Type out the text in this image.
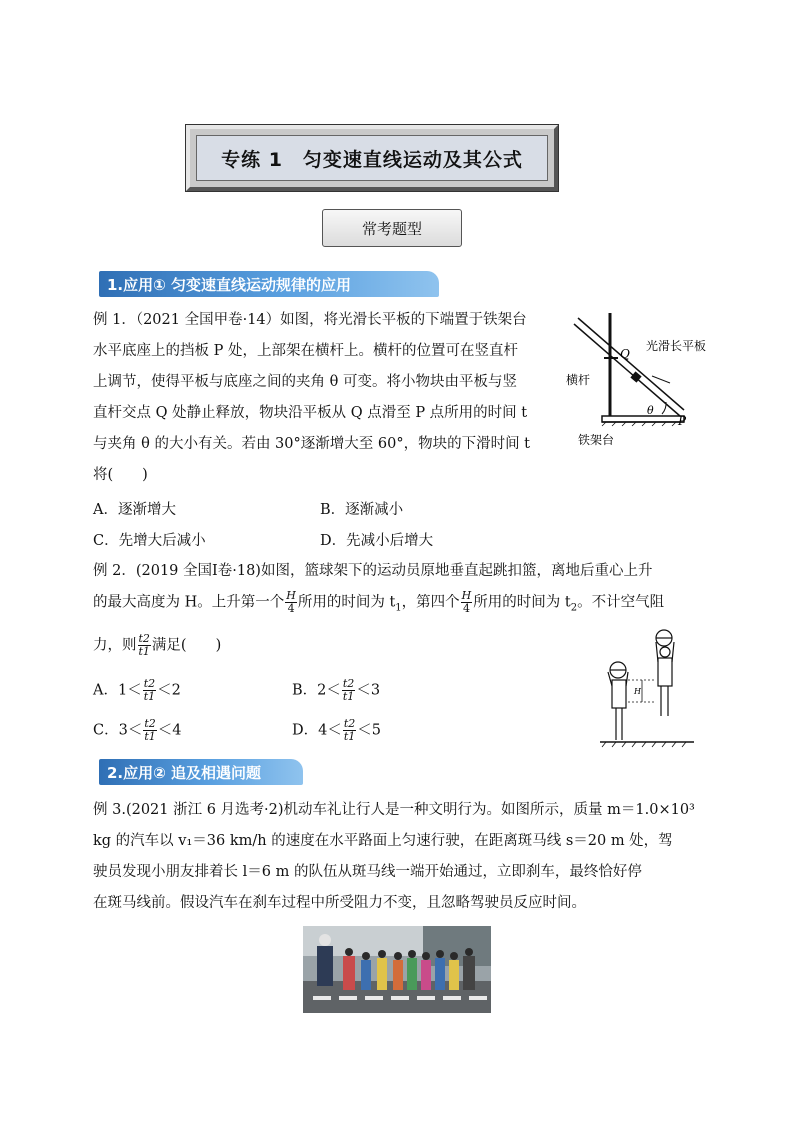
专练 1　匀变速直线运动及其公式
常考题型
1.应用① 匀变速直线运动规律的应用
例 1．（2021 全国甲卷·14）如图，将光滑长平板的下端置于铁架台
水平底座上的挡板 P 处，上部架在横杆上。横杆的位置可在竖直杆
上调节，使得平板与底座之间的夹角 θ 可变。将小物块由平板与竖
直杆交点 Q 处静止释放，物块沿平板从 Q 点滑至 P 点所用的时间 t
与夹角 θ 的大小有关。若由 30°逐渐增大至 60°，物块的下滑时间 t
将(　　)
A．逐渐增大	B．逐渐减小
C．先增大后减小	D．先减小后增大
Q
P
θ
光滑长平板
横杆
铁架台
例 2．(2019 全国Ⅰ卷·18)如图，篮球架下的运动员原地垂直起跳扣篮，离地后重心上升
的最大高度为 H。上升第一个 $\frac{H}{4}$ 所用的时间为 $t_1$，第四个 $\frac{H}{4}$ 所用的时间为 $t_2$。不计空气阻
力，则 $\frac{t2}{t1}$ 满足(　　)
A．$1< \frac{t2}{t1} <2$	B．$2< \frac{t2}{t1} <3$
C．$3< \frac{t2}{t1} <4$	D．$4< \frac{t2}{t1} <5$
H
2.应用② 追及相遇问题
例 3.(2021 浙江 6 月选考·2)机动车礼让行人是一种文明行为。如图所示，质量 m＝1.0×10³
kg 的汽车以 v₁＝36 km/h 的速度在水平路面上匀速行驶，在距离斑马线 s＝20 m 处，驾
驶员发现小朋友排着长 l＝6 m 的队伍从斑马线一端开始通过，立即刹车，最终恰好停
在斑马线前。假设汽车在刹车过程中所受阻力不变，且忽略驾驶员反应时间。
